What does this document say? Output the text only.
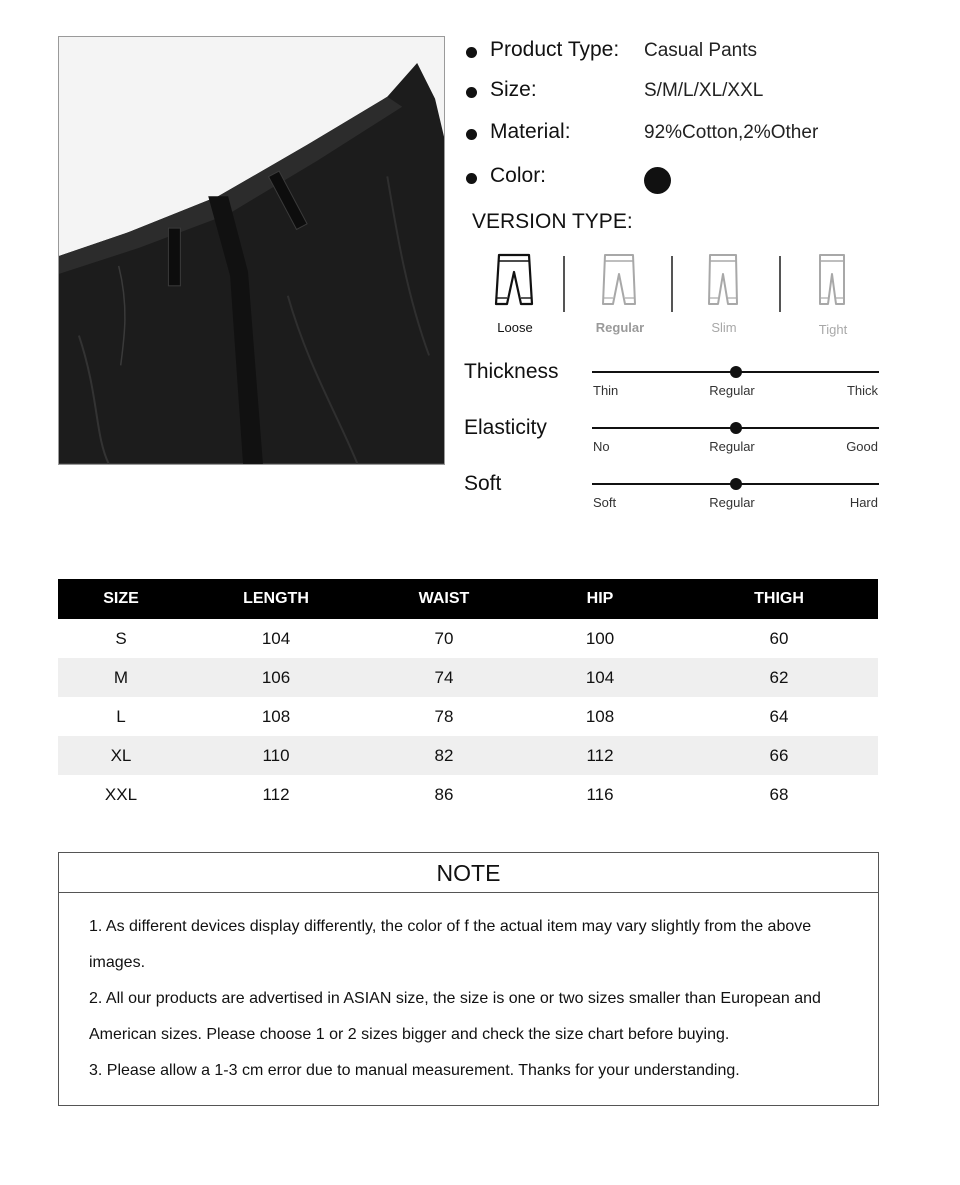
Product Type: Casual Pants
Size:	S/M/L/XL/XXL
Material:	92%Cotton,2%Other
Color:
VERSION TYPE:
Loose	Regular	Slim	Tight
Thickness
Thin	Regular	Thick
Elasticity
No	Regular	Good
Soft
Soft	Regular	Hard
SIZE	LENGTH	WAIST	HIP	THIGH
S	104	70	100	60
M	106	74	104	62
L	108	78	108	64
XL	110	82	112	66
XXL	112	86	116	68
NOTE

1. As different devices display differently, the color of f the actual item may vary slightly from the above images.

2. All our products are advertised in ASIAN size, the size is one or two sizes smaller than European and American sizes. Please choose 1 or 2 sizes bigger and check the size chart before buying.

3. Please allow a 1-3 cm error due to manual measurement. Thanks for your understanding.
